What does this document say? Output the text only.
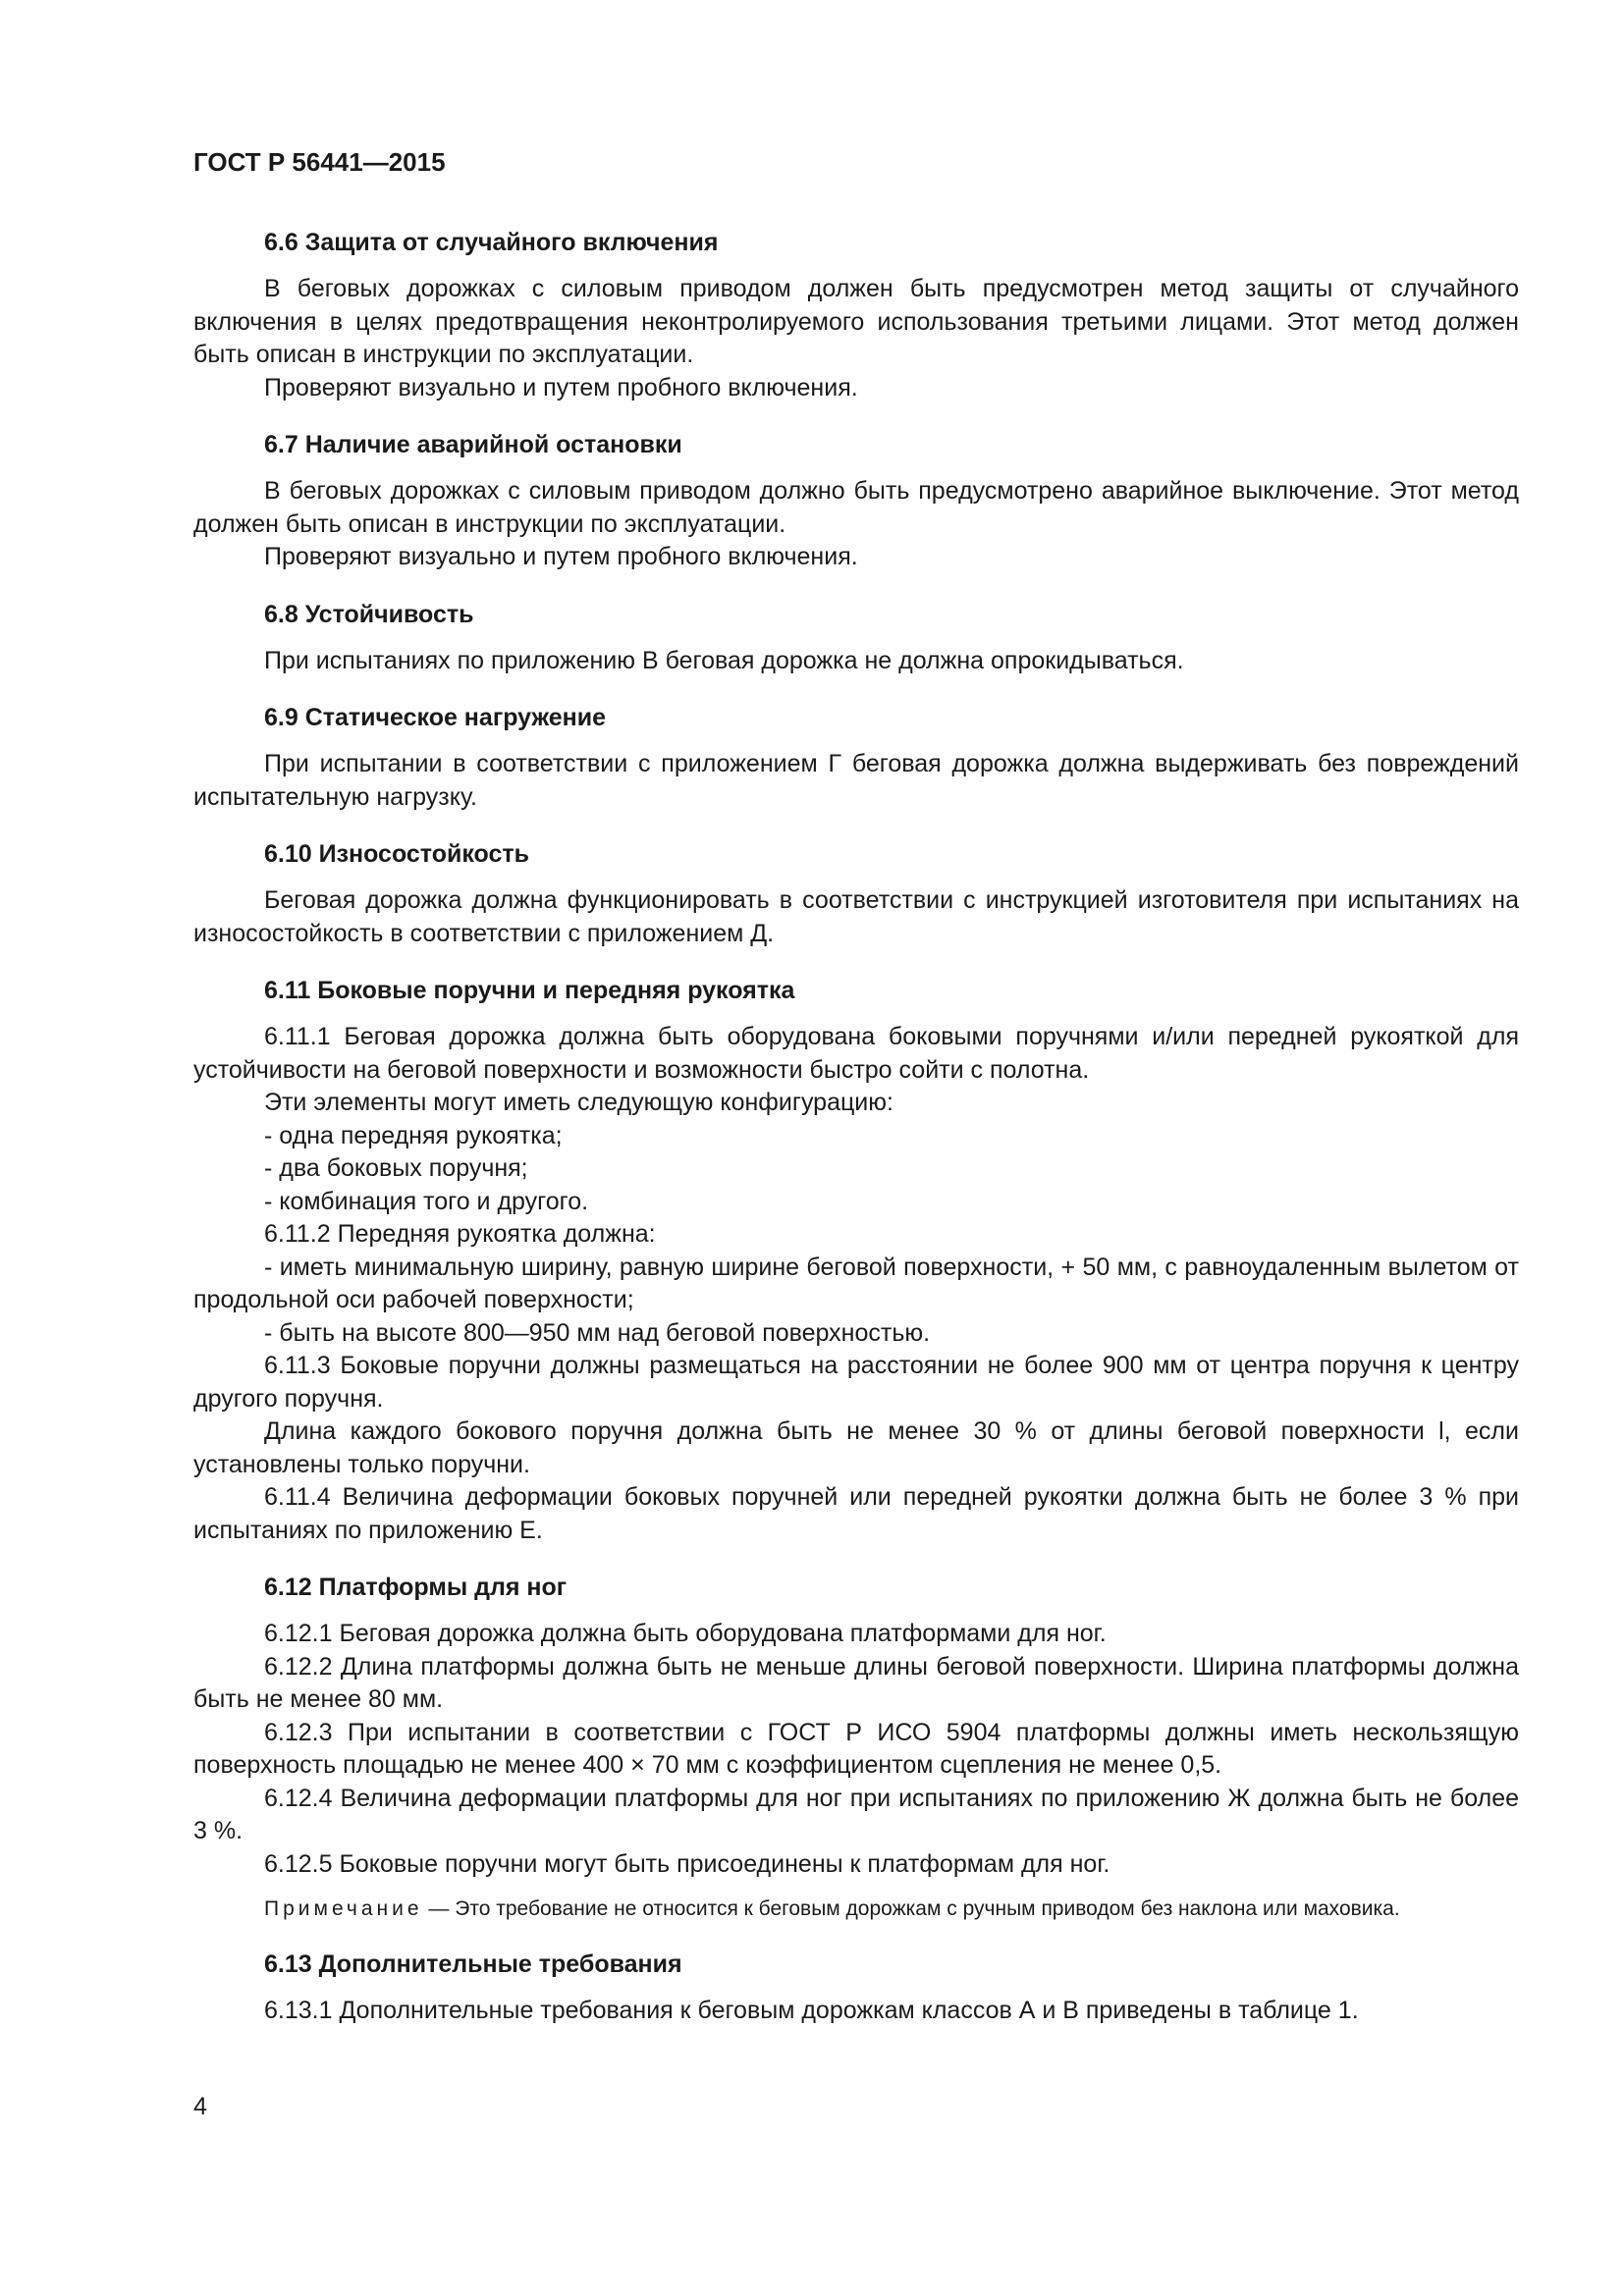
ГОСТ Р 56441—2015
6.6 Защита от случайного включения

В беговых дорожках с силовым приводом должен быть предусмотрен метод защиты от случайного включения в целях предотвращения неконтролируемого использования третьими лицами. Этот метод должен быть описан в инструкции по эксплуатации.

Проверяют визуально и путем пробного включения.

6.7 Наличие аварийной остановки

В беговых дорожках с силовым приводом должно быть предусмотрено аварийное выключение. Этот метод должен быть описан в инструкции по эксплуатации.

Проверяют визуально и путем пробного включения.

6.8 Устойчивость

При испытаниях по приложению В беговая дорожка не должна опрокидываться.

6.9 Статическое нагружение

При испытании в соответствии с приложением Г беговая дорожка должна выдерживать без повреждений испытательную нагрузку.

6.10 Износостойкость

Беговая дорожка должна функционировать в соответствии с инструкцией изготовителя при испытаниях на износостойкость в соответствии с приложением Д.

6.11 Боковые поручни и передняя рукоятка

6.11.1 Беговая дорожка должна быть оборудована боковыми поручнями и/или передней рукояткой для устойчивости на беговой поверхности и возможности быстро сойти с полотна.

Эти элементы могут иметь следующую конфигурацию:

- одна передняя рукоятка;

- два боковых поручня;

- комбинация того и другого.

6.11.2 Передняя рукоятка должна:

- иметь минимальную ширину, равную ширине беговой поверхности, + 50 мм, с равноудаленным вылетом от продольной оси рабочей поверхности;

- быть на высоте 800—950 мм над беговой поверхностью.

6.11.3 Боковые поручни должны размещаться на расстоянии не более 900 мм от центра поручня к центру другого поручня.

Длина каждого бокового поручня должна быть не менее 30 % от длины беговой поверхности l, если установлены только поручни.

6.11.4 Величина деформации боковых поручней или передней рукоятки должна быть не более 3 % при испытаниях по приложению Е.

6.12 Платформы для ног

6.12.1 Беговая дорожка должна быть оборудована платформами для ног.

6.12.2 Длина платформы должна быть не меньше длины беговой поверхности. Ширина платформы должна быть не менее 80 мм.

6.12.3 При испытании в соответствии с ГОСТ Р ИСО 5904 платформы должны иметь нескользящую поверхность площадью не менее 400 × 70 мм с коэффициентом сцепления не менее 0,5.

6.12.4 Величина деформации платформы для ног при испытаниях по приложению Ж должна быть не более 3 %.

6.12.5 Боковые поручни могут быть присоединены к платформам для ног.

Примечание — Это требование не относится к беговым дорожкам с ручным приводом без наклона или маховика.
6.13 Дополнительные требования

6.13.1 Дополнительные требования к беговым дорожкам классов А и В приведены в таблице 1.

4
